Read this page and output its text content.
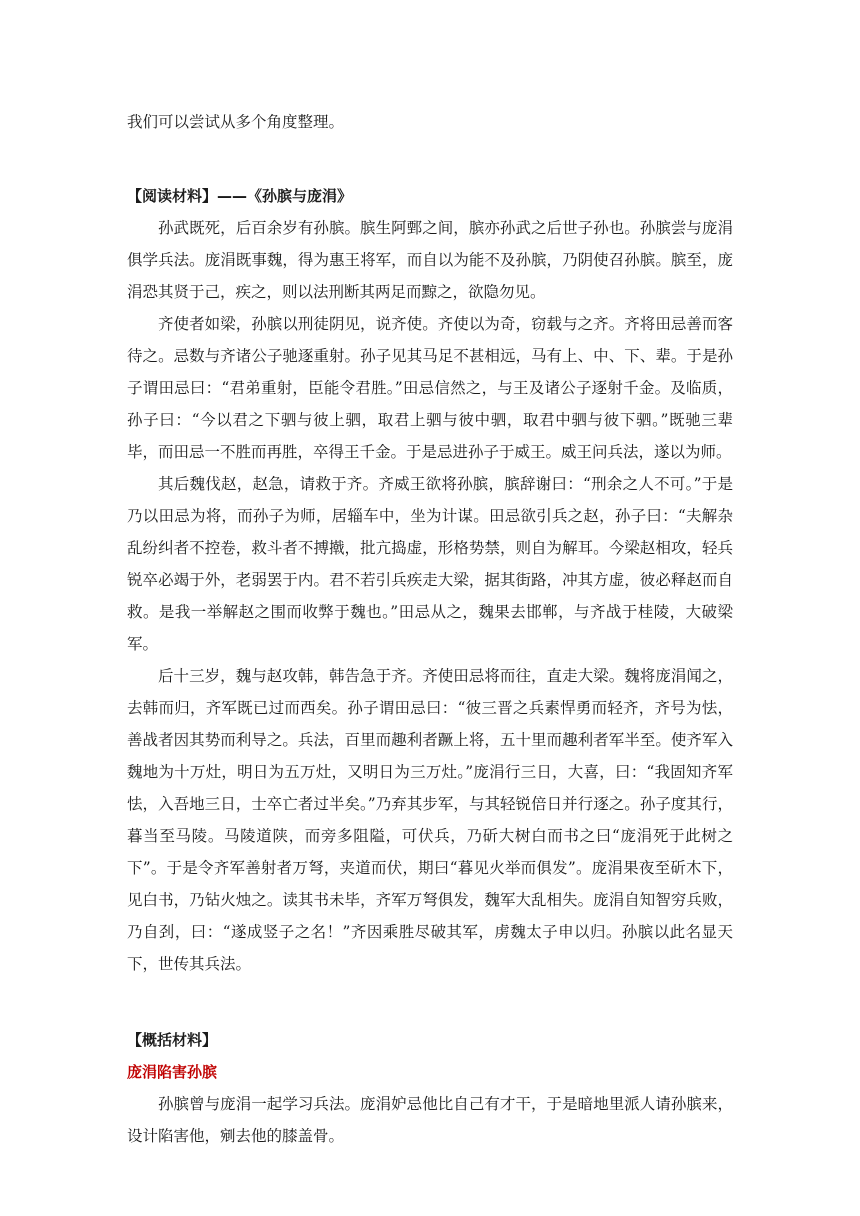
我们可以尝试从多个角度整理。

【阅读材料】——《孙膑与庞涓》

孙武既死，后百余岁有孙膑。膑生阿鄄之间，膑亦孙武之后世子孙也。孙膑尝与庞涓俱学兵法。庞涓既事魏，得为惠王将军，而自以为能不及孙膑，乃阴使召孙膑。膑至，庞涓恐其贤于己，疾之，则以法刑断其两足而黥之，欲隐勿见。

齐使者如梁，孙膑以刑徒阴见，说齐使。齐使以为奇，窃载与之齐。齐将田忌善而客待之。忌数与齐诸公子驰逐重射。孙子见其马足不甚相远，马有上、中、下、辈。于是孙子谓田忌曰：“君弟重射，臣能令君胜。”田忌信然之，与王及诸公子逐射千金。及临质，孙子曰：“今以君之下驷与彼上驷，取君上驷与彼中驷，取君中驷与彼下驷。”既驰三辈毕，而田忌一不胜而再胜，卒得王千金。于是忌进孙子于威王。威王问兵法，遂以为师。

其后魏伐赵，赵急，请救于齐。齐威王欲将孙膑，膑辞谢曰：“刑余之人不可。”于是乃以田忌为将，而孙子为师，居辎车中，坐为计谋。田忌欲引兵之赵，孙子曰：“夫解杂乱纷纠者不控卷，救斗者不搏撠，批亢捣虚，形格势禁，则自为解耳。今梁赵相攻，轻兵锐卒必竭于外，老弱罢于内。君不若引兵疾走大梁，据其街路，冲其方虚，彼必释赵而自救。是我一举解赵之围而收弊于魏也。”田忌从之，魏果去邯郸，与齐战于桂陵，大破梁军。

后十三岁，魏与赵攻韩，韩告急于齐。齐使田忌将而往，直走大梁。魏将庞涓闻之，去韩而归，齐军既已过而西矣。孙子谓田忌曰：“彼三晋之兵素悍勇而轻齐，齐号为怯，善战者因其势而利导之。兵法，百里而趣利者蹶上将，五十里而趣利者军半至。使齐军入魏地为十万灶，明日为五万灶，又明日为三万灶。”庞涓行三日，大喜，曰：“我固知齐军怯，入吾地三日，士卒亡者过半矣。”乃弃其步军，与其轻锐倍日并行逐之。孙子度其行，暮当至马陵。马陵道陕，而旁多阻隘，可伏兵，乃斫大树白而书之曰“庞涓死于此树之下”。于是令齐军善射者万弩，夹道而伏，期曰“暮见火举而俱发”。庞涓果夜至斫木下，见白书，乃钻火烛之。读其书未毕，齐军万弩俱发，魏军大乱相失。庞涓自知智穷兵败，乃自刭，曰：“遂成竖子之名！”齐因乘胜尽破其军，虏魏太子申以归。孙膑以此名显天下，世传其兵法。

【概括材料】

庞涓陷害孙膑

孙膑曾与庞涓一起学习兵法。庞涓妒忌他比自己有才干，于是暗地里派人请孙膑来，设计陷害他，剜去他的膝盖骨。
